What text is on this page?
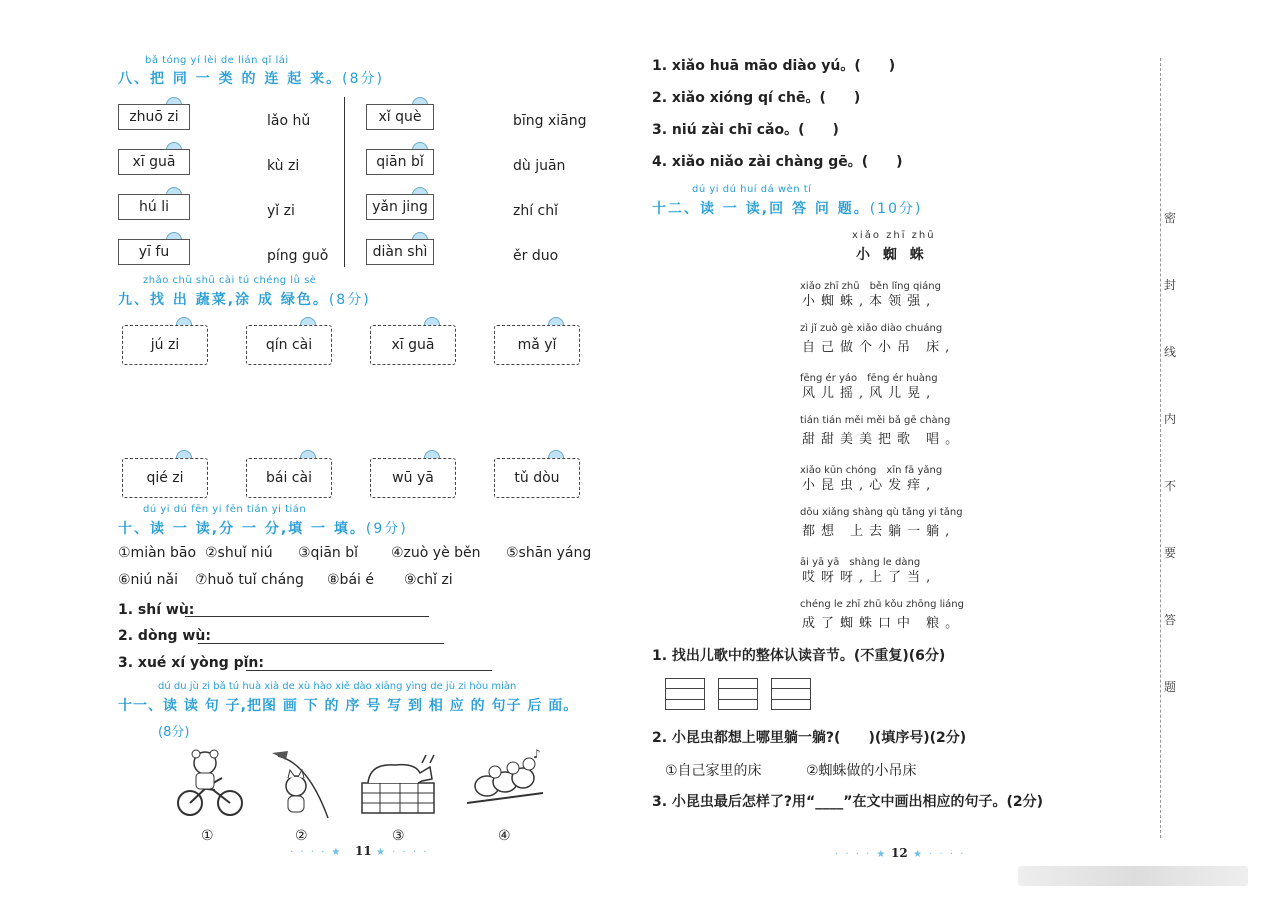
bǎ tóng yí lèi de lián qǐ lái
八、把 同 一 类 的 连 起 来。(8分)
zhuō zi
xī guā
hú li
yī fu
lǎo hǔ
kù zi
yǐ zi
píng guǒ
xǐ què
qiān bǐ
yǎn jing
diàn shì
bīng xiāng
dù juān
zhí chǐ
ěr duo
zhǎo chū shū cài tú chéng lǜ sè
九、找 出 蔬菜,涂 成 绿色。(8分)
jú zi	qín cài	xī guā	mǎ yǐ
qié zi	bái cài	wū yā	tǔ dòu
dú yi dú fēn yi fēn tián yi tián
十、读 一 读,分 一 分,填 一 填。(9分)
①miàn bāo ②shuǐ niú ③qiān bǐ ④zuò yè běn ⑤shān yáng
⑥niú nǎi ⑦huǒ tuǐ cháng ⑧bái é ⑨chǐ zi
1. shí wù:
2. dòng wù:
3. xué xí yòng pǐn:
dú du jù zi bǎ tú huà xià de xù hào xiě dào xiāng yìng de jù zi hòu miàn
十一、读 读 句 子,把图 画 下 的 序 号 写 到 相 应 的 句子 后 面。
(8分)
♪
①	②	③	④
· · · · ★ 11 ★ · · · ·
1. xiǎo huā māo diào yú。(　　)
2. xiǎo xióng qí chē。(　　)
3. niú zài chī cǎo。(　　)
4. xiǎo niǎo zài chàng gē。(　　)
dú yi dú huí dá wèn tí
十二、读 一 读,回 答 问 题。(10分)
xiǎo zhī zhū
小 蜘 蛛
xiǎo zhī zhū　běn lǐng qiáng
小蜘蛛,本领强,
zì jǐ zuò gè xiǎo diào chuáng
自己做个小吊 床,
fēng ér yáo　fēng ér huàng
风儿摇,风儿晃,
tián tián měi měi bǎ gē chàng
甜甜美美把歌 唱。
xiǎo kūn chóng　xīn fā yǎng
小昆虫,心发痒,
dōu xiǎng shàng qù tǎng yi tǎng
都想 上去躺一躺,
āi yā yā　shàng le dàng
哎呀呀,上了当,
chéng le zhī zhū kǒu zhōng liáng
成了蜘蛛口中 粮。
1. 找出儿歌中的整体认读音节。(不重复)(6分)
2. 小昆虫都想上哪里躺一躺?(　　)(填序号)(2分)
①自己家里的床	②蜘蛛做的小吊床
3. 小昆虫最后怎样了?用“____”在文中画出相应的句子。(2分)
· · · · ★ 12 ★ · · · ·
密
封
线
内
不
要
答
题
